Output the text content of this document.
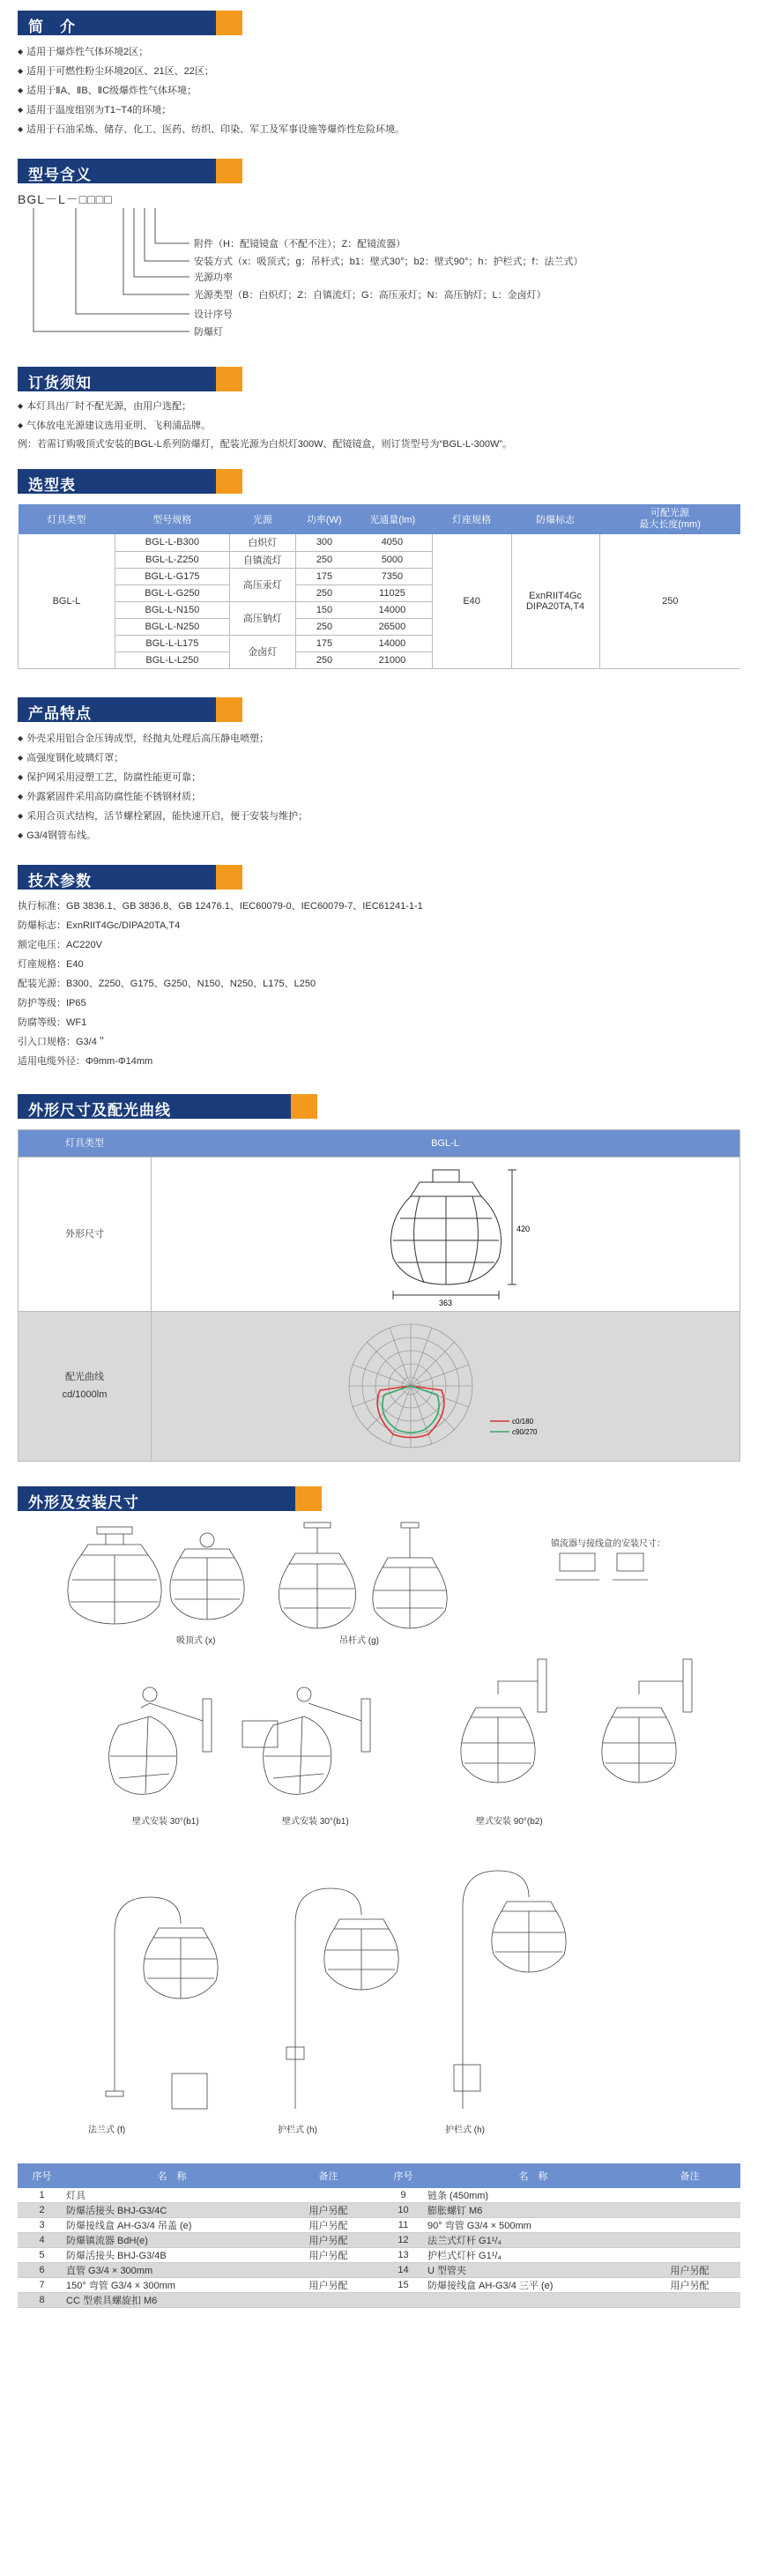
简　介
◆ 适用于爆炸性气体环境2区；
◆ 适用于可燃性粉尘环境20区、21区、22区；
◆ 适用于ⅡA、ⅡB、ⅡC级爆炸性气体环境；
◆ 适用于温度组别为T1~T4的环境；
◆ 适用于石油采炼、储存、化工、医药、纺织、印染、军工及军事设施等爆炸性危险环境。
型号含义
BGL－L－□□□□
附件（H：配镜镜盒（不配不注）；Z：配镜流器）
安装方式（x：吸顶式；g：吊杆式；b1：壁式30°；b2：壁式90°；h：护栏式；f：法兰式）
光源功率
光源类型（B：白炽灯；Z：自镇流灯；G：高压汞灯；N：高压钠灯；L：金卤灯）
设计序号
防爆灯
订货须知
◆ 本灯具出厂时不配光源，由用户选配；
◆ 气体放电光源建议选用亚明、飞利浦品牌。

例：若需订购吸顶式安装的BGL-L系列防爆灯，配装光源为白炽灯300W、配镜镜盒，则订货型号为“BGL-L-300W”。

选型表
灯具类型	型号规格	光源	功率(W)	光通量(lm)	灯座规格	防爆标志	可配光源
最大长度(mm)
BGL-L	BGL-L-B300	白炽灯	300	4050	E40	ExnRIIT4Gc
DIPA20TA,T4	250
	BGL-L-Z250	自镇流灯	250	5000			
	BGL-L-G175	高压汞灯	175	7350			
	BGL-L-G250		250	11025			
	BGL-L-N150	高压钠灯	150	14000			
	BGL-L-N250		250	26500			
	BGL-L-L175	金卤灯	175	14000			
	BGL-L-L250		250	21000			
产品特点
◆ 外壳采用铝合金压铸成型，经抛丸处理后高压静电喷塑；
◆ 高强度钢化玻璃灯罩；
◆ 保护网采用浸塑工艺，防腐性能更可靠；
◆ 外露紧固件采用高防腐性能不锈钢材质；
◆ 采用合页式结构，活节螺栓紧固，能快速开启，便于安装与维护；
◆ G3/4钢管布线。
技术参数

执行标准：GB 3836.1、GB 3836.8、GB 12476.1、IEC60079-0、IEC60079-7、IEC61241-1-1

防爆标志：ExnRIIT4Gc/DIPA20TA,T4

额定电压：AC220V

灯座规格：E40

配装光源：B300、Z250、G175、G250、N150、N250、L175、L250

防护等级：IP65

防腐等级：WF1

引入口规格：G3/4＂

适用电缆外径：Φ9mm-Φ14mm

外形尺寸及配光曲线
灯具类型	BGL-L
外形尺寸
363
420
配光曲线
cd/1000lm
c0/180
c90/270
外形及安装尺寸
吸顶式 (x)	吊杆式 (g)
镇流器与接线盒的安装尺寸：
壁式安装 30°(b1)	壁式安装 30°(b1)	壁式安装 90°(b2)
法兰式 (f)	护栏式 (h)	护栏式 (h)
序号	名　称	备注	序号	名　称	备注
1	灯具		9	链条 (450mm)	
2	防爆活接头 BHJ-G3/4C	用户另配	10	膨胀螺钉 M6	
3	防爆接线盒 AH-G3/4 吊盖 (e)	用户另配	11	90° 弯管 G3/4 × 500mm	
4	防爆镇流器 BdH(e)	用户另配	12	法兰式灯杆 G1¹/₄	
5	防爆活接头 BHJ-G3/4B	用户另配	13	护栏式灯杆 G1¹/₄	
6	直管 G3/4 × 300mm		14	U 型管夹	用户另配
7	150° 弯管 G3/4 × 300mm	用户另配	15	防爆接线盒 AH-G3/4 三平 (e)	用户另配
8	CC 型索具螺旋扣 M6				
